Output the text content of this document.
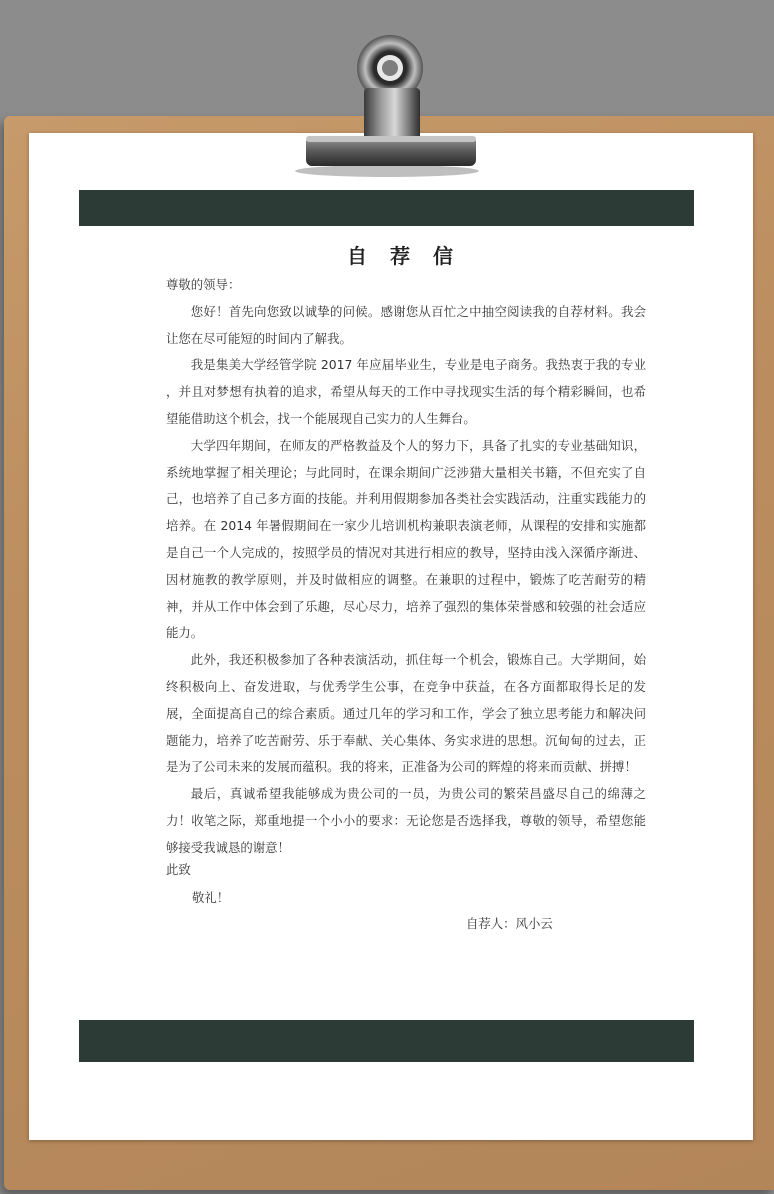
自 荐 信

尊敬的领导：

您好！首先向您致以诚挚的问候。感谢您从百忙之中抽空阅读我的自荐材料。我会让您在尽可能短的时间内了解我。

我是集美大学经管学院 2017 年应届毕业生，专业是电子商务。我热衷于我的专业 ，并且对梦想有执着的追求，希望从每天的工作中寻找现实生活的每个精彩瞬间，也希望能借助这个机会，找一个能展现自己实力的人生舞台。

大学四年期间，在师友的严格教益及个人的努力下，具备了扎实的专业基础知识，系统地掌握了相关理论；与此同时，在课余期间广泛涉猎大量相关书籍，不但充实了自己，也培养了自己多方面的技能。并利用假期参加各类社会实践活动，注重实践能力的培养。在 2014 年暑假期间在一家少儿培训机构兼职表演老师，从课程的安排和实施都是自己一个人完成的，按照学员的情况对其进行相应的教导，坚持由浅入深循序渐进、因材施教的教学原则，并及时做相应的调整。在兼职的过程中，锻炼了吃苦耐劳的精神，并从工作中体会到了乐趣，尽心尽力，培养了强烈的集体荣誉感和较强的社会适应能力。

此外，我还积极参加了各种表演活动，抓住每一个机会，锻炼自己。大学期间，始终积极向上、奋发进取，与优秀学生公事，在竞争中获益，在各方面都取得长足的发展，全面提高自己的综合素质。通过几年的学习和工作，学会了独立思考能力和解决问题能力，培养了吃苦耐劳、乐于奉献、关心集体、务实求进的思想。沉甸甸的过去，正是为了公司未来的发展而蕴积。我的将来，正准备为公司的辉煌的将来而贡献、拼搏！

最后，真诚希望我能够成为贵公司的一员，为贵公司的繁荣昌盛尽自己的绵薄之力！收笔之际，郑重地提一个小小的要求：无论您是否选择我，尊敬的领导，希望您能够接受我诚恳的谢意！

此致
敬礼！
自荐人：风小云
